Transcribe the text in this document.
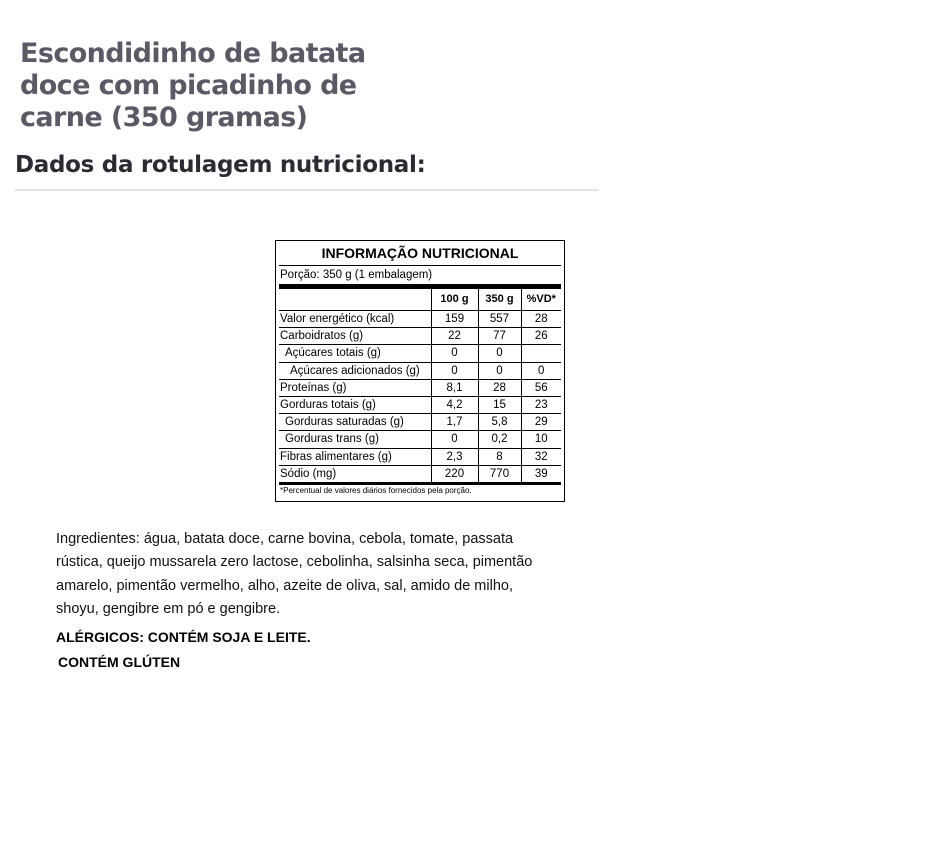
Escondidinho de batata doce com picadinho de carne (350 gramas)
Dados da rotulagem nutricional:
INFORMAÇÃO NUTRICIONAL
Porção: 350 g (1 embalagem)
	100 g	350 g	%VD*
Valor energético (kcal)	159	557	28
Carboidratos (g)	22	77	26
Açúcares totais (g)	0	0	
Açúcares adicionados (g)	0	0	0
Proteínas (g)	8,1	28	56
Gorduras totais (g)	4,2	15	23
Gorduras saturadas (g)	1,7	5,8	29
Gorduras trans (g)	0	0,2	10
Fibras alimentares (g)	2,3	8	32
Sódio (mg)	220	770	39
*Percentual de valores diários fornecidos pela porção.

Ingredientes: água, batata doce, carne bovina, cebola, tomate, passata rústica, queijo mussarela zero lactose, cebolinha, salsinha seca, pimentão amarelo, pimentão vermelho, alho, azeite de oliva, sal, amido de milho, shoyu, gengibre em pó e gengibre.

ALÉRGICOS: CONTÉM SOJA E LEITE.

CONTÉM GLÚTEN
